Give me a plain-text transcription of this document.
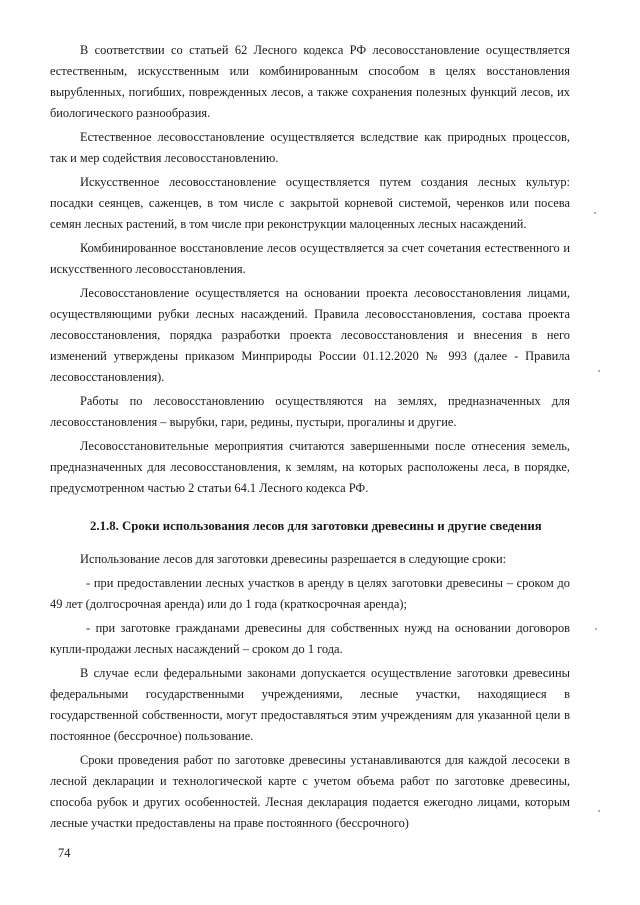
В соответствии со статьей 62 Лесного кодекса РФ лесовосстановление осуществляется естественным, искусственным или комбинированным способом в целях восстановления вырубленных, погибших, поврежденных лесов, а также сохранения полезных функций лесов, их биологического разнообразия.

Естественное лесовосстановление осуществляется вследствие как природных процессов, так и мер содействия лесовосстановлению.

Искусственное лесовосстановление осуществляется путем создания лесных культур: посадки сеянцев, саженцев, в том числе с закрытой корневой системой, черенков или посева семян лесных растений, в том числе при реконструкции малоценных лесных насаждений.

Комбинированное восстановление лесов осуществляется за счет сочетания естественного и искусственного лесовосстановления.

Лесовосстановление осуществляется на основании проекта лесовосстановления лицами, осуществляющими рубки лесных насаждений. Правила лесовосстановления, состава проекта лесовосстановления, порядка разработки проекта лесовосстановления и внесения в него изменений утверждены приказом Минприроды России 01.12.2020 № 993 (далее - Правила лесовосстановления).

Работы по лесовосстановлению осуществляются на землях, предназначенных для лесовосстановления – вырубки, гари, редины, пустыри, прогалины и другие.

Лесовосстановительные мероприятия считаются завершенными после отнесения земель, предназначенных для лесовосстановления, к землям, на которых расположены леса, в порядке, предусмотренном частью 2 статьи 64.1 Лесного кодекса РФ.

2.1.8. Сроки использования лесов для заготовки древесины и другие сведения

Использование лесов для заготовки древесины разрешается в следующие сроки:

- при предоставлении лесных участков в аренду в целях заготовки древесины – сроком до 49 лет (долгосрочная аренда) или до 1 года (краткосрочная аренда);

- при заготовке гражданами древесины для собственных нужд на основании договоров купли-продажи лесных насаждений – сроком до 1 года.

В случае если федеральными законами допускается осуществление заготовки древесины федеральными государственными учреждениями, лесные участки, находящиеся в государственной собственности, могут предоставляться этим учреждениям для указанной цели в постоянное (бессрочное) пользование.

Сроки проведения работ по заготовке древесины устанавливаются для каждой лесосеки в лесной декларации и технологической карте с учетом объема работ по заготовке древесины, способа рубок и других особенностей. Лесная декларация подается ежегодно лицами, которым лесные участки предоставлены на праве постоянного (бессрочного)

74
